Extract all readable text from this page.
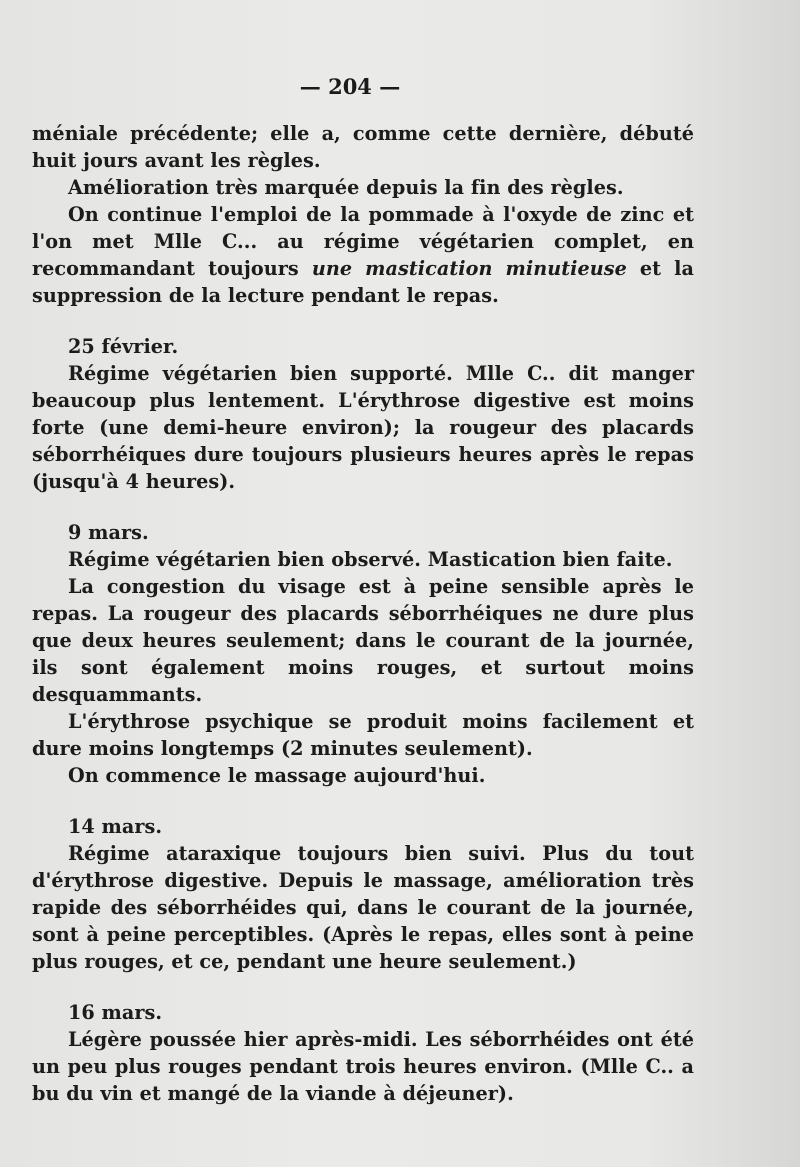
— 204 —

méniale précédente; elle a, comme cette dernière, débuté huit jours avant les règles.

Amélioration très marquée depuis la fin des règles.

On continue l'emploi de la pommade à l'oxyde de zinc et l'on met Mlle C... au régime végétarien complet, en recommandant toujours une mastication minutieuse et la suppression de la lecture pendant le repas.

25 février.

Régime végétarien bien supporté. Mlle C.. dit manger beaucoup plus lentement. L'érythrose digestive est moins forte (une demi-heure environ); la rougeur des placards séborrhéiques dure toujours plusieurs heures après le repas (jusqu'à 4 heures).

9 mars.

Régime végétarien bien observé. Mastication bien faite.

La congestion du visage est à peine sensible après le repas. La rougeur des placards séborrhéiques ne dure plus que deux heures seulement; dans le courant de la journée, ils sont également moins rouges, et surtout moins desquammants.

L'érythrose psychique se produit moins facilement et dure moins longtemps (2 minutes seulement).

On commence le massage aujourd'hui.

14 mars.

Régime ataraxique toujours bien suivi. Plus du tout d'érythrose digestive. Depuis le massage, amélioration très rapide des séborrhéides qui, dans le courant de la journée, sont à peine perceptibles. (Après le repas, elles sont à peine plus rouges, et ce, pendant une heure seulement.)

16 mars.

Légère poussée hier après-midi. Les séborrhéides ont été un peu plus rouges pendant trois heures environ. (Mlle C.. a bu du vin et mangé de la viande à déjeuner).
